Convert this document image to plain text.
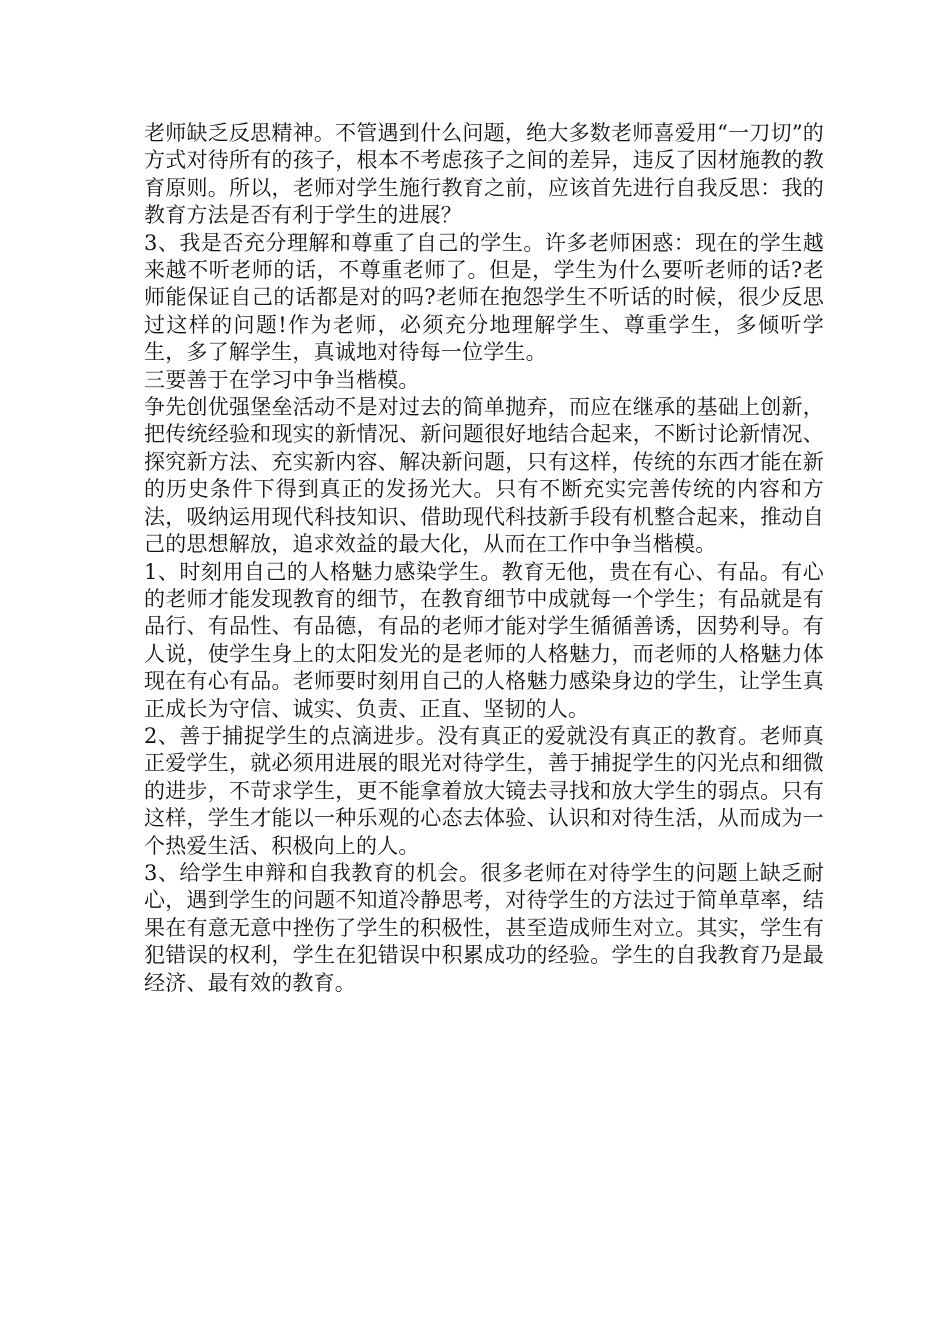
老师缺乏反思精神。不管遇到什么问题，绝大多数老师喜爱用“一刀切”的方式对待所有的孩子，根本不考虑孩子之间的差异，违反了因材施教的教育原则。所以，老师对学生施行教育之前，应该首先进行自我反思：我的教育方法是否有利于学生的进展？

3、我是否充分理解和尊重了自己的学生。许多老师困惑：现在的学生越来越不听老师的话，不尊重老师了。但是，学生为什么要听老师的话?老师能保证自己的话都是对的吗?老师在抱怨学生不听话的时候，很少反思过这样的问题!作为老师，必须充分地理解学生、尊重学生，多倾听学生，多了解学生，真诚地对待每一位学生。

三要善于在学习中争当楷模。

争先创优强堡垒活动不是对过去的简单抛弃，而应在继承的基础上创新，把传统经验和现实的新情况、新问题很好地结合起来，不断讨论新情况、探究新方法、充实新内容、解决新问题，只有这样，传统的东西才能在新的历史条件下得到真正的发扬光大。只有不断充实完善传统的内容和方法，吸纳运用现代科技知识、借助现代科技新手段有机整合起来，推动自己的思想解放，追求效益的最大化，从而在工作中争当楷模。

1、时刻用自己的人格魅力感染学生。教育无他，贵在有心、有品。有心的老师才能发现教育的细节，在教育细节中成就每一个学生；有品就是有品行、有品性、有品德，有品的老师才能对学生循循善诱，因势利导。有人说，使学生身上的太阳发光的是老师的人格魅力，而老师的人格魅力体现在有心有品。老师要时刻用自己的人格魅力感染身边的学生，让学生真正成长为守信、诚实、负责、正直、坚韧的人。

2、善于捕捉学生的点滴进步。没有真正的爱就没有真正的教育。老师真正爱学生，就必须用进展的眼光对待学生，善于捕捉学生的闪光点和细微的进步，不苛求学生，更不能拿着放大镜去寻找和放大学生的弱点。只有这样，学生才能以一种乐观的心态去体验、认识和对待生活，从而成为一个热爱生活、积极向上的人。

3、给学生申辩和自我教育的机会。很多老师在对待学生的问题上缺乏耐心，遇到学生的问题不知道冷静思考，对待学生的方法过于简单草率，结果在有意无意中挫伤了学生的积极性，甚至造成师生对立。其实，学生有犯错误的权利，学生在犯错误中积累成功的经验。学生的自我教育乃是最经济、最有效的教育。
